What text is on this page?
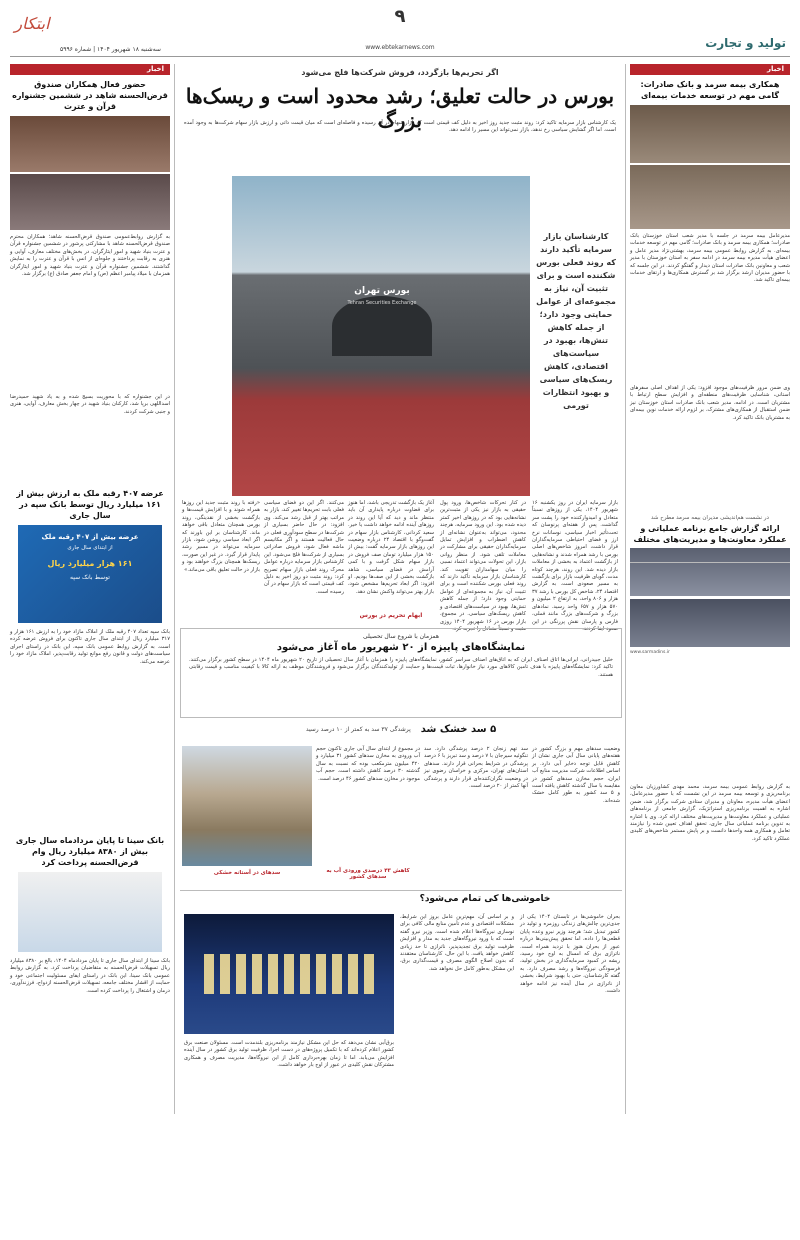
ابتکار	۹
www.ebtekarnews.com
سه‌شنبه ۱۸ شهریور ۱۴۰۴ | شماره ۵۹۹۶	تولید و تجارت
اخبار
همکاری بیمه سرمد و بانک صادرات: گامی مهم در توسعه خدمات بیمه‌ای
مدیرعامل بیمه سرمد در جلسه با مدیر شعب استان خوزستان بانک صادرات؛ همکاری بیمه سرمد و بانک صادرات؛ گامی مهم در توسعه خدمات بیمه‌ای. به گزارش روابط عمومی بیمه سرمد، بهشتی‌نژاد مدیر عامل و اعضای هیأت مدیره بیمه سرمد در ادامه سفر به استان خوزستان با مدیر شعب و معاونین بانک صادرات استان دیدار و گفتگو کردند. در این جلسه که با حضور مدیران ارشد برگزار شد بر گسترش همکاری‌ها و ارتقای خدمات بیمه‌ای تاکید شد.
وی ضمن مرور ظرفیت‌های موجود افزود: یکی از اهداف اصلی سفرهای استانی، شناسایی ظرفیت‌های منطقه‌ای و افزایش سطح ارتباط با مشتریان است. در ادامه، مدیر شعب بانک صادرات استان خوزستان نیز ضمن استقبال از همکاری‌های مشترک، بر لزوم ارائه خدمات نوین بیمه‌ای به مشتریان بانک تاکید کرد.
در نشست هم‌اندیشی مدیران بیمه سرمد مطرح شد
ارائه گزارش جامع برنامه عملیاتی و عملکرد معاونت‌ها و مدیریت‌های مختلف
www.sarmadins.ir
به گزارش روابط عمومی بیمه سرمد، محمد مهدی کشاورزیان معاون برنامه‌ریزی و توسعه بیمه سرمد در این نشست که با حضور مدیرعامل، اعضای هیأت مدیره، معاونان و مدیران ستادی شرکت برگزار شد، ضمن اشاره به اهمیت برنامه‌ریزی استراتژیک، گزارش جامعی از برنامه‌های عملیاتی و عملکرد معاونت‌ها و مدیریت‌های مختلف ارائه کرد. وی با اشاره به تدوین برنامه عملیاتی سال جاری، تحقق اهداف تعیین شده را نیازمند تعامل و همکاری همه واحدها دانست و بر پایش مستمر شاخص‌های کلیدی عملکرد تاکید کرد.
اخبار
حضور فعال همکاران صندوق قرض‌الحسنه شاهد در ششمین جشنواره قرآن و عترت
به گزارش روابط‌عمومی صندوق قرض‌الحسنه شاهد؛ همکاران محترم صندوق قرض‌الحسنه شاهد با مشارکتی پرشور در ششمین جشنواره قرآن و عترت بنیاد شهید و امور ایثارگران، در بخش‌های مختلف معارف، آوایی و هنری به رقابت پرداختند و جلوه‌ای از انس با قرآن و عترت را به نمایش گذاشتند. ششمین جشنواره قرآن و عترت بنیاد شهید و امور ایثارگران همزمان با میلاد پیامبر اعظم (ص) و امام جعفر صادق (ع) برگزار شد.
در این جشنواره که با محوریت بسیج شده و به یاد شهید حمیدرضا اسداللهی برپا شد، کارکنان بنیاد شهید در چهار بخش معارف، آوایی، هنری و جنبی شرکت کردند.
عرضه ۴۰۷ رقبه ملک به ارزش بیش از ۱۶۱ میلیارد ریال توسط بانک سپه در سال جاری
عرضه بیش از ۴۰۷ رقبه ملک
از ابتدای سال جاری
۱۶۱ هزار میلیارد ریال
توسط بانک سپه
بانک سپه تعداد ۴۰۷ رقبه ملک از املاک مازاد خود را به ارزش ۱۶۱ هزار و ۳۱۷ میلیارد ریال از ابتدای سال جاری تاکنون برای فروش عرضه کرده است. به گزارش روابط عمومی بانک سپه، این بانک در راستای اجرای سیاست‌های دولت و قانون رفع موانع تولید رقابت‌پذیر، املاک مازاد خود را عرضه می‌کند.
بانک سینا تا پایان مردادماه سال جاری بیش از ۸۳۸۰ میلیارد ریال وام قرض‌الحسنه پرداخت کرد
بانک سینا از ابتدای سال جاری تا پایان مردادماه ۱۴۰۴، بالغ بر ۸۳۸۰ میلیارد ریال تسهیلات قرض‌الحسنه به متقاضیان پرداخت کرد. به گزارش روابط عمومی بانک سینا، این بانک در راستای ایفای مسئولیت اجتماعی خود و حمایت از اقشار مختلف جامعه، تسهیلات قرض‌الحسنه ازدواج، فرزندآوری، درمان و اشتغال را پرداخت کرده است.
اگر تحریم‌ها بازگردد، فروش شرکت‌ها فلج می‌شود
بورس در حالت تعلیق؛ رشد محدود است و ریسک‌ها بزرگ
یک کارشناس بازار سرمایه تاکید کرد: روند مثبت جدید روز اخیر به دلیل کف قیمتی است که بازار سهام در آن رسیده و فاصله‌ای است که میان قیمت ذاتی و ارزش بازار سهام شرکت‌ها به وجود آمده است. اما اگر گشایش سیاسی رخ ندهد، بازار نمی‌تواند این مسیر را ادامه دهد.
بورس تهران
Tehran Securities Exchange
کارشناسان بازار سرمایه تأکید دارند که روند فعلی بورس شکننده است و برای تثبیت آن، نیاز به مجموعه‌ای از عوامل حمایتی وجود دارد؛ از جمله کاهش تنش‌ها، بهبود در سیاست‌های اقتصادی، کاهش ریسک‌های سیاسی و بهبود انتظارات تورمی
بازار سرمایه ایران در روز یکشنبه ۱۶ شهریور ۱۴۰۴، یکی از روزهای نسبتاً متعادل و امیدوارکننده خود را پشت سر گذاشت. پس از هفته‌ای پرنوسان که تحت‌تأثیر اخبار سیاسی، نوسانات نرخ ارز و فضای احتیاطی سرمایه‌گذاران قرار داشت، امروز شاخص‌های اصلی بورس با رشد همراه شدند و نشانه‌هایی از بازگشت اعتماد به بخشی از معاملات بازار دیده شد. این روند، هرچند کوتاه مدت، گویای ظرفیت بازار برای بازگشت به مسیر صعودی است. به گزارش اقتصاد ۲۴، شاخص کل بورس با رشد ۳۷ هزار و ۸۰۶ واحد، به ارتفاع ۲ میلیون و ۵۷۰ هزار و ۶۵۷ واحد رسید. نمادهای بزرگ و شرکت‌های بزرگ مانند فملی، فارس و پارسان نقش پررنگی در این صعود ایفا کردند.
در کنار تحرکات شاخص‌ها، ورود پول حقیقی به بازار نیز یکی از مثبت‌ترین نشانه‌هایی بود که در روزهای اخیر کمتر دیده شده بود. این ورود سرمایه، هرچند محدود، می‌تواند به‌عنوان نشانه‌ای از کاهش اضطراب و افزایش تمایل سرمایه‌گذاران حقیقی برای مشارکت در معاملات تلقی شود. از منظر روانی بازار، این تحولات می‌تواند اعتماد نسبی را میان سهامداران تقویت کند. کارشناسان بازار سرمایه تأکید دارند که روند فعلی بورس شکننده است و برای تثبیت آن، نیاز به مجموعه‌ای از عوامل حمایتی وجود دارد؛ از جمله کاهش تنش‌ها، بهبود در سیاست‌های اقتصادی و کاهش ریسک‌های سیاسی. در مجموع، بازار بورس در ۱۶ شهریور ۱۴۰۴ روزی مثبت و نسبتاً متعادل را تجربه کرد.
آغاز یک بازگشت تدریجی باشد، اما هنوز برای قضاوت درباره پایداری آن باید منتظر ماند و دید که آیا این روند در روزهای آینده ادامه خواهد داشت یا خیر. سعید کردانی، کارشناس بازار سهام در گفت‌وگو با اقتصاد ۲۴ درباره وضعیت این روزهای بازار سرمایه گفت: بیش از ۱۵۰ هزار میلیارد تومان صف فروش در بازار سهام شکل گرفت و با کمی آرامش در فضای سیاسی، شاهد بازگشت بخشی از این صف‌ها بودیم. او افزود: اگر ابعاد تحریم‌ها مشخص شود، بازار بهتر می‌تواند واکنش نشان دهد.
ابهام تحریم در بورس
می‌کنند. اگر این دو فضای سیاسی فعلی بابت تحریم‌ها تغییر کند، بازار به مراتب بهتر از قبل رشد می‌کند. وی افزود: در حال حاضر بسیاری از شرکت‌ها در سطح سودآوری فعلی در حال فعالیت هستند و اگر مکانیسم ماشه فعال شود، فروش صادراتی بسیاری از شرکت‌ها فلج می‌شود. این کارشناس بازار سرمایه درباره عوامل محرک روند فعلی بازار سهام تصریح کرد: روند مثبت دو روز اخیر به دلیل کف قیمتی است که بازار سهام در آن رسیده است.
«رفته با روند مثبت جدید این روزها همراه شوند و با افزایش قیمت‌ها و بازگشت بخشی از نقدینگی، روند بورس همچنان متعادل باقی خواهد ماند. کارشناسان بر این باورند که اگر ابعاد سیاسی روشن شود، بازار سرمایه می‌تواند در مسیر رشد پایدار قرار گیرد. در غیر این صورت، ریسک‌ها همچنان بزرگ خواهند بود و بازار در حالت تعلیق باقی می‌ماند.»
همزمان با شروع سال تحصیلی
نمایشگاه‌های پاییزه از ۲۰ شهریور ماه آغاز می‌شود
خلیل جبیدرانی، ایرانی‌ها اتاق اصناف ایران که به اتاق‌های اصناف سراسر کشور، نمایشگاه‌های پاییزه را همزمان با آغاز سال تحصیلی از تاریخ ۲۰ شهریور ماه ۱۴۰۴ در سطح کشور برگزار می‌کنند. تاکید کرد: نمایشگاه‌های پاییزه با هدف تامین کالاهای مورد نیاز خانوارها، ثبات قیمت‌ها و حمایت از تولیدکنندگان برگزار می‌شود و فروشندگان موظف به ارائه کالا با کیفیت مناسب و قیمت رقابتی هستند.
۵ سد خشک شد
پرشدگی ۳۷ سد به کمتر از ۱۰ درصد رسید
وضعیت سدهای مهم و بزرگ کشور در هفته‌های پایانی سال آبی جاری نشان از کاهش قابل توجه ذخایر آبی دارد. بر اساس اطلاعات شرکت مدیریت منابع آب ایران، حجم مخازن سدهای کشور در مقایسه با سال گذشته کاهش یافته است و ۵ سد کشور به طور کامل خشک شده‌اند.
سد تهم زنجان ۲ درصد پرشدگی دارد. سد تنگوئیه سیرجان با ۷ درصد و سد تبریز با ۶ درصد پرشدگی در شرایط بحرانی قرار دارند. سدهای استان‌های تهران، مرکزی و خراسان رضوی نیز در وضعیت نگران‌کننده‌ای قرار دارند و پرشدگی آنها کمتر از ۲۰ درصد است.
در مجموع از ابتدای سال آبی جاری تاکنون حجم آب ورودی به مخازن سدهای کشور ۳۱ میلیارد و ۴۲۰ میلیون مترمکعب بوده که نسبت به سال گذشته ۳۰ درصد کاهش داشته است. حجم آب موجود در مخازن سدهای کشور ۴۶ درصد است.
کاهش ۴۳ درصدی ورودی آب به سدهای کشور
سدهای در آستانه خشکی
خاموشی‌ها کی تمام می‌شود؟
بحران خاموشی‌ها در تابستان ۱۴۰۴ یکی از جدی‌ترین چالش‌های زندگی روزمره و تولید در کشور تبدیل شد؛ هرچند وزیر نیرو وعده پایان قطعی‌ها را داده، اما تحقق پیش‌بینی‌ها درباره عبور از بحران هنوز با تردید همراه است. ناترازی برق که امسال به اوج خود رسید، ریشه در کمبود سرمایه‌گذاری در بخش تولید، فرسودگی نیروگاه‌ها و رشد مصرف دارد. به گفته کارشناسان، حتی با بهبود شرایط، بخشی از ناترازی در سال آینده نیز ادامه خواهد داشت.
و بر اساس آن، مهم‌ترین عامل بروز این شرایط، مشکلات اقتصادی و عدم تأمین منابع مالی کافی برای نوسازی نیروگاه‌ها اعلام شده است. وزیر نیرو گفته است که با ورود نیروگاه‌های جدید به مدار و افزایش ظرفیت تولید برق تجدیدپذیر، ناترازی تا حد زیادی کاهش خواهد یافت. با این حال، کارشناسان معتقدند که بدون اصلاح الگوی مصرف و قیمت‌گذاری برق، این مشکل به‌طور کامل حل نخواهد شد.
برق‌آبی نشان می‌دهد که حل این مشکل نیازمند برنامه‌ریزی بلندمدت است. مسئولان صنعت برق کشور اعلام کرده‌اند که با تکمیل پروژه‌های در دست اجرا، ظرفیت تولید برق کشور در سال آینده افزایش می‌یابد. اما تا زمان بهره‌برداری کامل از این نیروگاه‌ها، مدیریت مصرف و همکاری مشترکان نقش کلیدی در عبور از اوج بار خواهد داشت.
